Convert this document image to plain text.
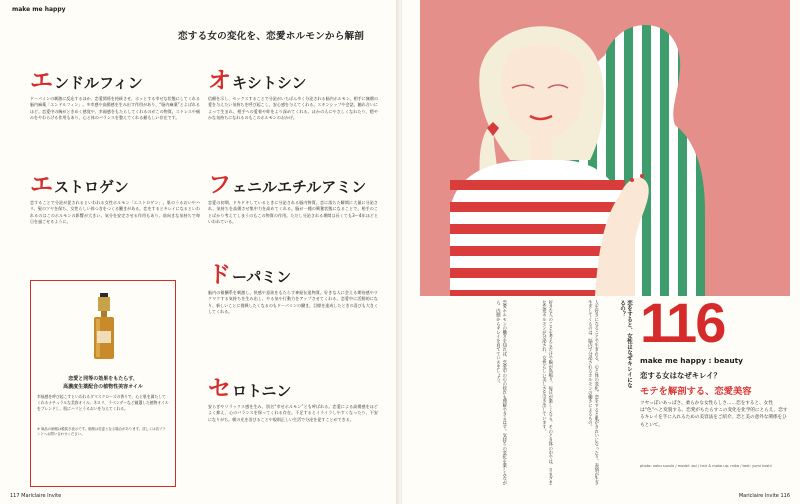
make me happy
恋する女の変化を、恋愛ホルモンから解剖
エ ンドルフィン
ドーパミンの刺激に反応するほか、恋愛関係を持続させ、ホッとする幸せな状態にしてくれる脳内麻薬「エンドルフィン」。多幸感や高揚感を生み出す作用があり、“脳内麻薬”とよばれるほど。恋愛中の胸がときめく感覚や、幸福感をもたらしてくれるのがこの物質。ストレスや痛みをやわらげる作用もあり、心と体のバランスを整えてくれる頼もしい存在です。
オ キシトシン
信頼を示し、セックスすることで分泌がいちばん多く分泌される脳内ホルモン。相手に無償の愛を与えたい気持ちを呼び起こし、安心感を与えてくれる。スキンシップや会話、触れ合いによって生まれ、相手への愛着や絆をより深めてくれる。ほかの人にやさしくなれたり、穏やかな気持ちになれるのもこのホルモンのおかげ。
エ ストロゲン
恋することで分泌が促されるといわれる女性ホルモン「エストロゲン」。肌のうるおいやハリ、髪のツヤを保ち、女性らしい体つきをつくる働きがある。恋をするとキレイになるといわれるのはこのホルモンの影響が大きい。気分を安定させる作用もあり、前向きな気持ちで毎日を過ごせるように。
フ ェニルエチルアミン
恋愛の初期、ドキドキしているときに分泌される脳内物質。恋に落ちた瞬間に大量に分泌され、気持ちを高揚させ集中力を高めてくれる。脳が一種の興奮状態になることで、相手のことばかり考えてしまうのもこの物質の作用。ただし分泌される期間は長くても3〜4年ほどといわれている。
ド ーパミン
脳内の報酬系を刺激し、快感や意欲をもたらす神経伝達物質。好きな人に会える期待感やワクワクする気持ちを生み出し、やる気や行動力をアップさせてくれる。恋愛中に活動的になり、新しいことに挑戦したくなるのもドーパミンの働き。目標を達成したときの喜びも大きくしてくれる。
セ ロトニン
安らぎやリラックス感を生み、別名“幸せホルモン”とも呼ばれる。恋愛による高揚感をほどよく抑え、心のバランスを保ってくれる存在。不足するとイライラしやすくなったり、不安になりがち。朝の光を浴びることや規則正しい生活で分泌を促すことができる。
恋愛と同等の効果をもたらす、
高濃度生薬配合の植物性美容オイル
幸福感を呼び起こすといわれるダマスクローズの香りで、心と肌を満たしてくれるナチュラルな美容オイル。ネロリ、ラベンダーなど厳選した植物オイルをブレンドし、肌にハリとうるおいを与えてくれる。
※ 商品の価格は税抜き表示です。価格は変更となる場合があります。詳しくは各ブランドへお問い合わせください。
117 Mariclaire Invite	Mariclaire Invite 116
恋をすると、女性はなぜキレイになるの？
人を好きになることで生まれる、心と体の変化。恋をすると肌がきれいになったり、表情が生き生きしてくるのは、脳内で分泌されるホルモンの働きによるもの。
好きな人のことを考えるだけで胸が高鳴り、毎日が楽しくなる。そのとき体の中では、さまざまな恋愛ホルモンが分泌され、女性らしい美しさを引き出しています。
恋愛ホルモンの働きを知れば、恋愛中の心の揺れも理解できるはず。気持ちの変化を楽しみながら、内側からキレイを育てていきましょう。 116
make me happy : beauty
恋する女はなぜキレイ？
モテを解剖する、恋愛美容
ツヤっぽいあっぱさ、柔らかな女性らしさ……恋をすると、女性は“色”へと変貌する。恋愛がもたらすこの変化を化学的にとらえ、恋するキレイを手に入れるための美容法をご紹介。恋と美の意外な関係をひもといて。
photo: nobu suzuki / model: aoi / hair & make-up: mika / text: yumi hoshi
